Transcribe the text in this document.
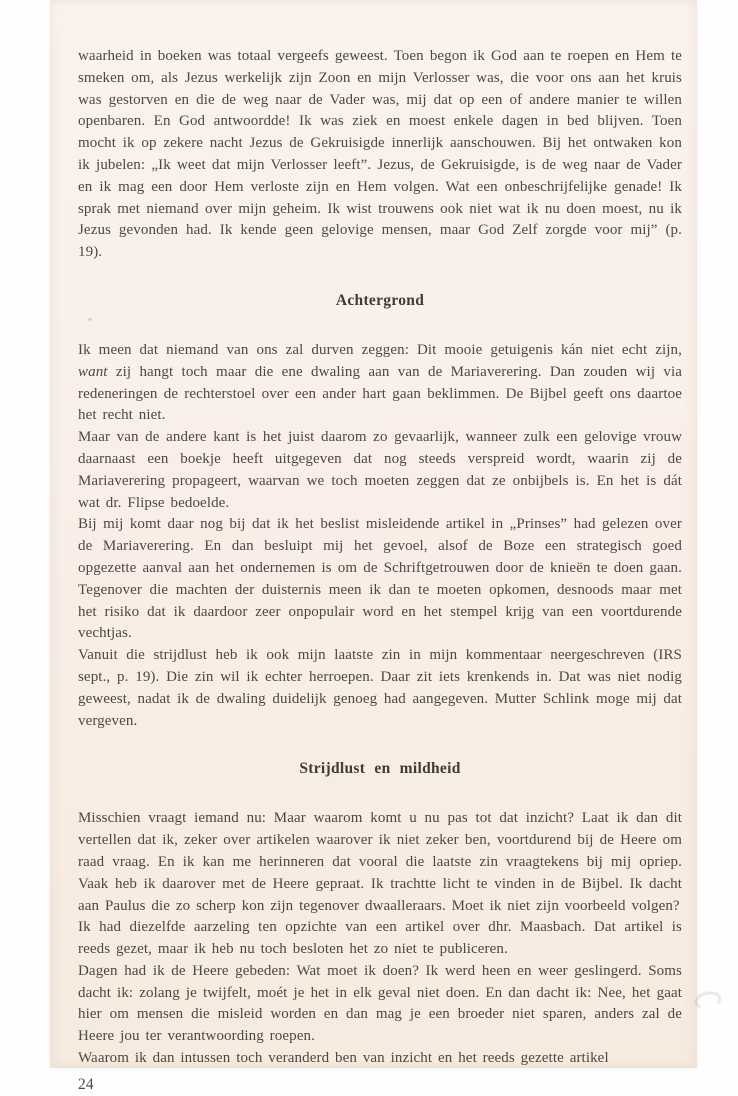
waarheid in boeken was totaal vergeefs geweest. Toen begon ik God aan te roepen en Hem te smeken om, als Jezus werkelijk zijn Zoon en mijn Verlosser was, die voor ons aan het kruis was gestorven en die de weg naar de Vader was, mij dat op een of andere manier te willen openbaren. En God antwoordde! Ik was ziek en moest enkele dagen in bed blijven. Toen mocht ik op zekere nacht Jezus de Gekruisigde innerlijk aanschouwen. Bij het ontwaken kon ik jubelen: „Ik weet dat mijn Verlosser leeft”. Jezus, de Gekruisigde, is de weg naar de Vader en ik mag een door Hem verloste zijn en Hem volgen. Wat een onbeschrijfelijke genade! Ik sprak met niemand over mijn geheim. Ik wist trouwens ook niet wat ik nu doen moest, nu ik Jezus gevonden had. Ik kende geen gelovige mensen, maar God Zelf zorgde voor mij” (p. 19).

Achtergrond

Ik meen dat niemand van ons zal durven zeggen: Dit mooie getuigenis kán niet echt zijn, want zij hangt toch maar die ene dwaling aan van de Mariaverering. Dan zouden wij via redeneringen de rechterstoel over een ander hart gaan beklimmen. De Bijbel geeft ons daartoe het recht niet.

Maar van de andere kant is het juist daarom zo gevaarlijk, wanneer zulk een gelovige vrouw daarnaast een boekje heeft uitgegeven dat nog steeds verspreid wordt, waarin zij de Mariaverering propageert, waarvan we toch moeten zeggen dat ze onbijbels is. En het is dát wat dr. Flipse bedoelde.

Bij mij komt daar nog bij dat ik het beslist misleidende artikel in „Prinses” had gelezen over de Mariaverering. En dan besluipt mij het gevoel, alsof de Boze een strategisch goed opgezette aanval aan het ondernemen is om de Schriftgetrouwen door de knieën te doen gaan. Tegenover die machten der duisternis meen ik dan te moeten opkomen, desnoods maar met het risiko dat ik daardoor zeer onpopulair word en het stempel krijg van een voortdurende vechtjas.

Vanuit die strijdlust heb ik ook mijn laatste zin in mijn kommentaar neergeschreven (IRS sept., p. 19). Die zin wil ik echter herroepen. Daar zit iets krenkends in. Dat was niet nodig geweest, nadat ik de dwaling duidelijk genoeg had aangegeven. Mutter Schlink moge mij dat vergeven.

Strijdlust en mildheid

Misschien vraagt iemand nu: Maar waarom komt u nu pas tot dat inzicht? Laat ik dan dit vertellen dat ik, zeker over artikelen waarover ik niet zeker ben, voortdurend bij de Heere om raad vraag. En ik kan me herinneren dat vooral die laatste zin vraagtekens bij mij opriep. Vaak heb ik daarover met de Heere gepraat. Ik trachtte licht te vinden in de Bijbel. Ik dacht aan Paulus die zo scherp kon zijn tegenover dwaalleraars. Moet ik niet zijn voorbeeld volgen?

Ik had diezelfde aarzeling ten opzichte van een artikel over dhr. Maasbach. Dat artikel is reeds gezet, maar ik heb nu toch besloten het zo niet te publiceren.

Dagen had ik de Heere gebeden: Wat moet ik doen? Ik werd heen en weer geslingerd. Soms dacht ik: zolang je twijfelt, moét je het in elk geval niet doen. En dan dacht ik: Nee, het gaat hier om mensen die misleid worden en dan mag je een broeder niet sparen, anders zal de Heere jou ter verantwoording roepen.

Waarom ik dan intussen toch veranderd ben van inzicht en het reeds gezette artikel

24
